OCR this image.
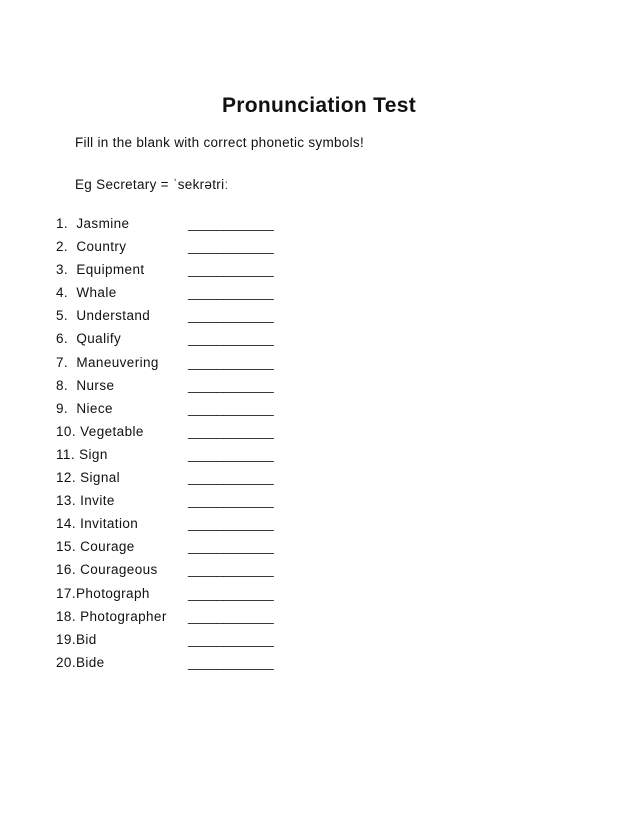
Pronunciation Test
Fill in the blank with correct phonetic symbols!
Eg Secretary = ˈsekrətriː
1. Jasmine	____________
2. Country	____________
3. Equipment	____________
4. Whale	____________
5. Understand	____________
6. Qualify	____________
7. Maneuvering ____________
8. Nurse	____________
9. Niece	____________
10. Vegetable	____________
11. Sign	____________
12. Signal	____________
13. Invite	____________
14. Invitation	____________
15. Courage	____________
16. Courageous ____________
17.Photograph	____________
18. Photographer ____________
19.Bid	____________
20.Bide	____________
